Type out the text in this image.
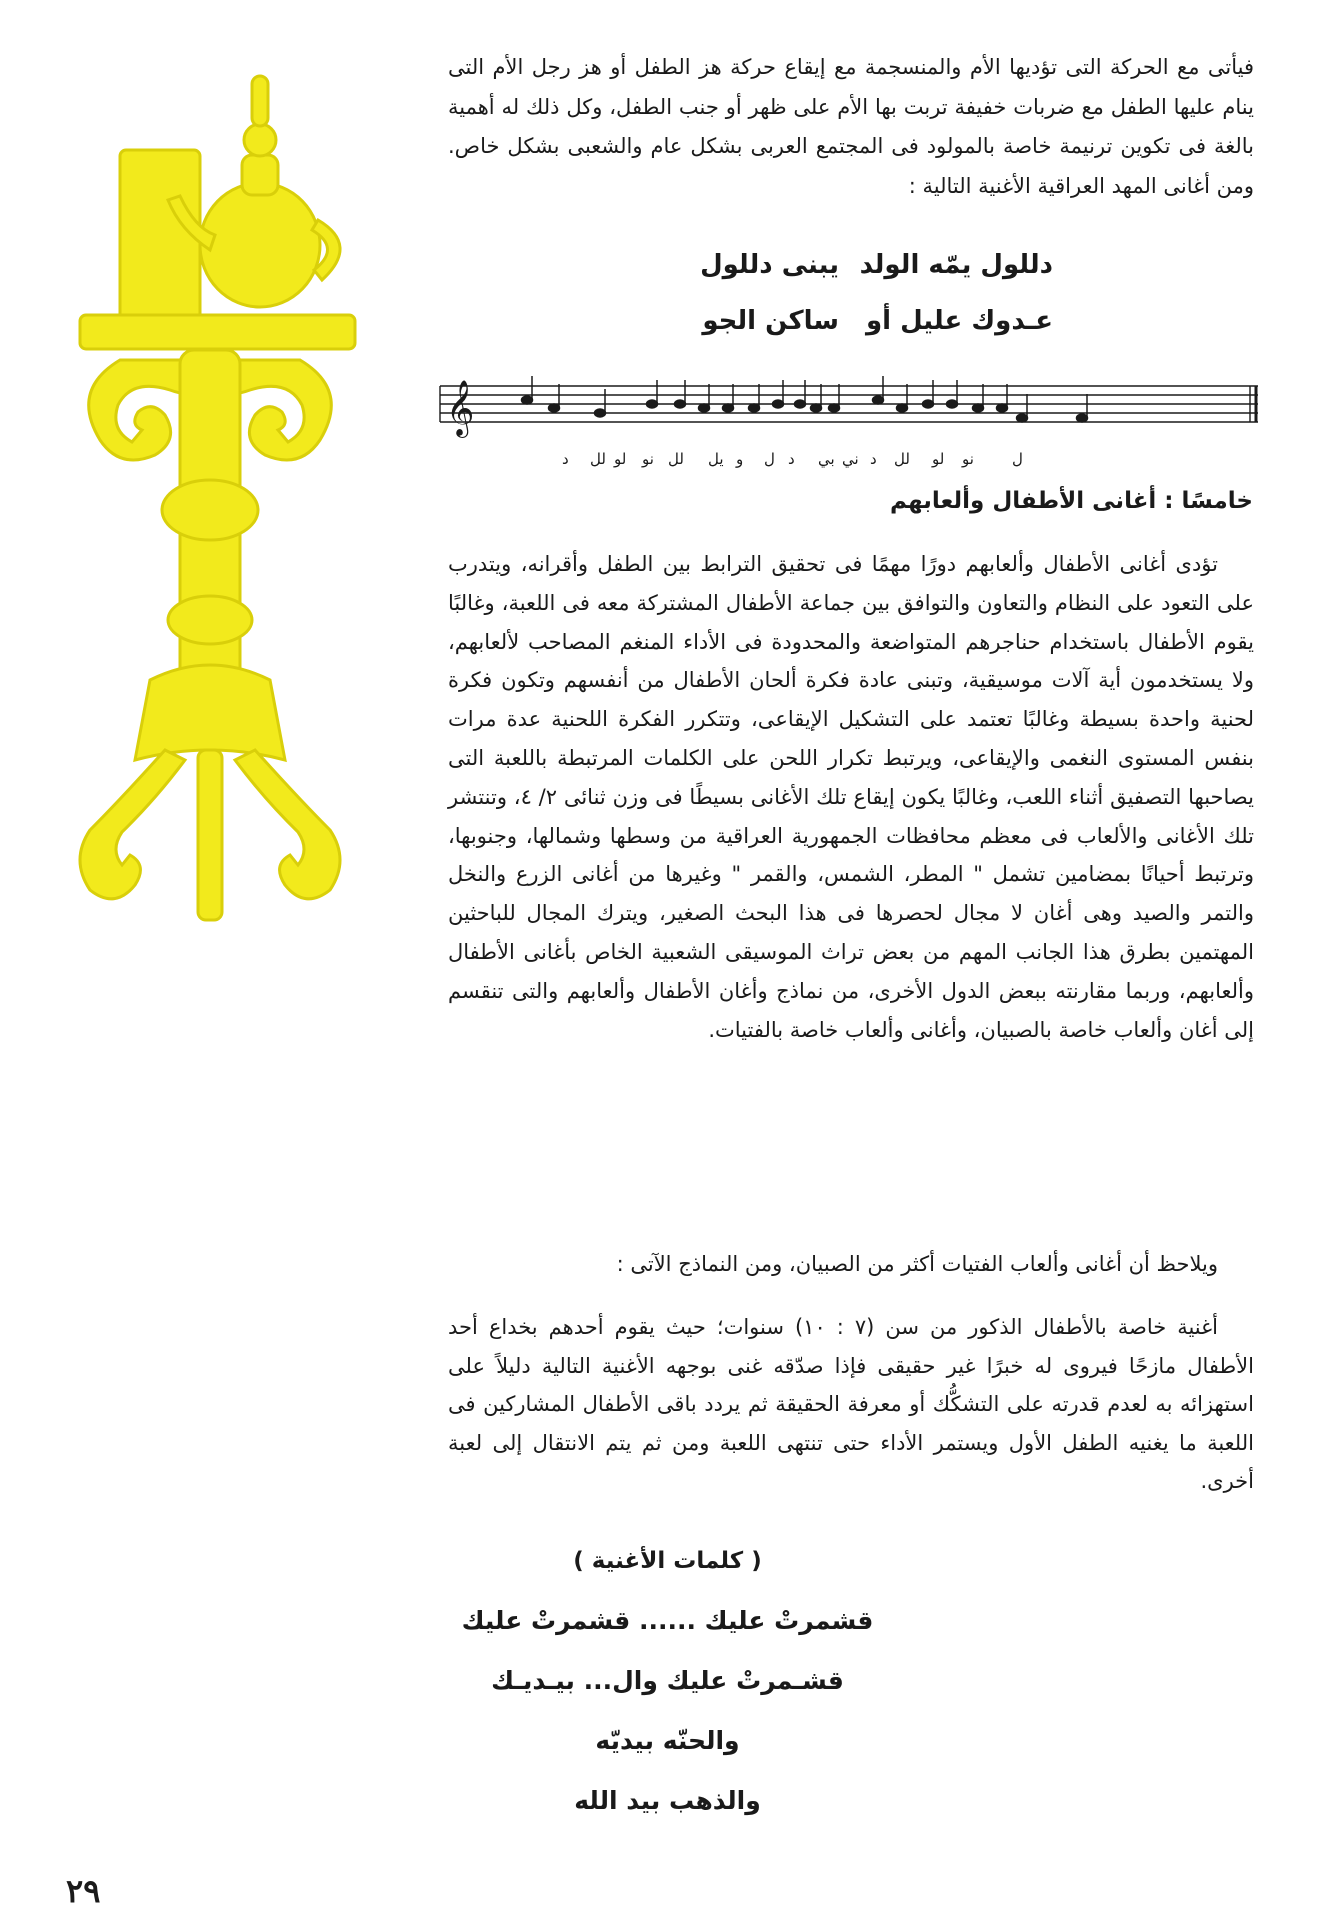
فيأتى مع الحركة التى تؤديها الأم والمنسجمة مع إيقاع حركة هز الطفل أو هز رجل الأم التى ينام عليها الطفل مع ضربات خفيفة تربت بها الأم على ظهر أو جنب الطفل، وكل ذلك له أهمية بالغة فى تكوين ترنيمة خاصة بالمولود فى المجتمع العربى بشكل عام والشعبى بشكل خاص. ومن أغانى المهد العراقية الأغنية التالية :

دللول يمّه الولد
يبنى دللول
عـدوك عليل أو
ساكن الجو
𝄞
د لل لو نو لل يل و ل د بي ني د لل لو نو	ل
خامسًا : أغانى الأطفال وألعابهم

تؤدى أغانى الأطفال وألعابهم دورًا مهمًا فى تحقيق الترابط بين الطفل وأقرانه، ويتدرب على التعود على النظام والتعاون والتوافق بين جماعة الأطفال المشتركة معه فى اللعبة، وغالبًا يقوم الأطفال باستخدام حناجرهم المتواضعة والمحدودة فى الأداء المنغم المصاحب لألعابهم، ولا يستخدمون أية آلات موسيقية، وتبنى عادة فكرة ألحان الأطفال من أنفسهم وتكون فكرة لحنية واحدة بسيطة وغالبًا تعتمد على التشكيل الإيقاعى، وتتكرر الفكرة اللحنية عدة مرات بنفس المستوى النغمى والإيقاعى، ويرتبط تكرار اللحن على الكلمات المرتبطة باللعبة التى يصاحبها التصفيق أثناء اللعب، وغالبًا يكون إيقاع تلك الأغانى بسيطًا فى وزن ثنائى ٢/ ٤، وتنتشر تلك الأغانى والألعاب فى معظم محافظات الجمهورية العراقية من وسطها وشمالها، وجنوبها، وترتبط أحيانًا بمضامين تشمل " المطر، الشمس، والقمر " وغيرها من أغانى الزرع والنخل والتمر والصيد وهى أغان لا مجال لحصرها فى هذا البحث الصغير، ويترك المجال للباحثين المهتمين بطرق هذا الجانب المهم من بعض تراث الموسيقى الشعبية الخاص بأغانى الأطفال وألعابهم، وربما مقارنته ببعض الدول الأخرى، من نماذج وأغان الأطفال وألعابهم والتى تنقسم إلى أغان وألعاب خاصة بالصبيان، وأغانى وألعاب خاصة بالفتيات.

ويلاحظ أن أغانى وألعاب الفتيات أكثر من الصبيان، ومن النماذج الآتى :

أغنية خاصة بالأطفال الذكور من سن (٧ : ١٠) سنوات؛ حيث يقوم أحدهم بخداع أحد الأطفال مازحًا فيروى له خبرًا غير حقيقى فإذا صدّقه غنى بوجهه الأغنية التالية دليلاً على استهزائه به لعدم قدرته على التشكُّك أو معرفة الحقيقة ثم يردد باقى الأطفال المشاركين فى اللعبة ما يغنيه الطفل الأول ويستمر الأداء حتى تنتهى اللعبة ومن ثم يتم الانتقال إلى لعبة أخرى.

( كلمات الأغنية )
قشمرتْ عليك ...... قشمرتْ عليك
قشـمرتْ عليك وال... بيـديـك
والحنّه بيديّه
والذهب بيد الله
٢٩
